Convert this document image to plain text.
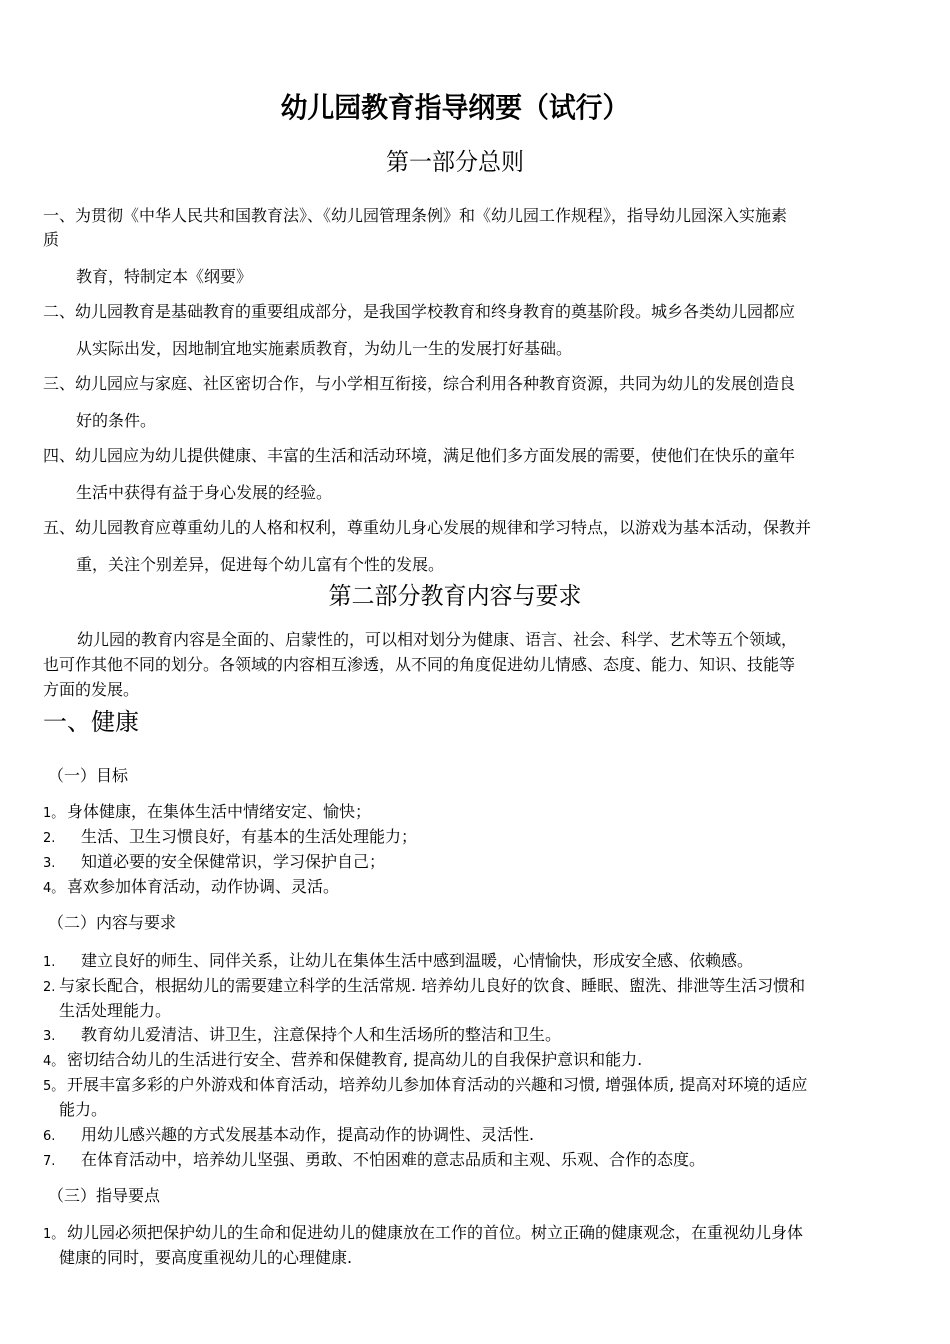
幼儿园教育指导纲要（试行）
第一部分总则
一、为贯彻《中华人民共和国教育法》、《幼儿园管理条例》和《幼儿园工作规程》，指导幼儿园深入实施素
质
教育，特制定本《纲要》
二、幼儿园教育是基础教育的重要组成部分，是我国学校教育和终身教育的奠基阶段。城乡各类幼儿园都应
从实际出发，因地制宜地实施素质教育，为幼儿一生的发展打好基础。
三、幼儿园应与家庭、社区密切合作，与小学相互衔接，综合利用各种教育资源，共同为幼儿的发展创造良
好的条件。
四、幼儿园应为幼儿提供健康、丰富的生活和活动环境，满足他们多方面发展的需要，使他们在快乐的童年
生活中获得有益于身心发展的经验。
五、幼儿园教育应尊重幼儿的人格和权利，尊重幼儿身心发展的规律和学习特点，以游戏为基本活动，保教并
重，关注个别差异，促进每个幼儿富有个性的发展。
第二部分教育内容与要求
幼儿园的教育内容是全面的、启蒙性的，可以相对划分为健康、语言、社会、科学、艺术等五个领域，
也可作其他不同的划分。各领域的内容相互渗透，从不同的角度促进幼儿情感、态度、能力、知识、技能等
方面的发展。
一、健康
（一）目标
1。 身体健康，在集体生活中情绪安定、愉快；
2. 生活、卫生习惯良好，有基本的生活处理能力；
3. 知道必要的安全保健常识，学习保护自己；
4。 喜欢参加体育活动，动作协调、灵活。
（二）内容与要求
1. 建立良好的师生、同伴关系，让幼儿在集体生活中感到温暖，心情愉快，形成安全感、依赖感。
2. 与家长配合，根据幼儿的需要建立科学的生活常规. 培养幼儿良好的饮食、睡眠、盥洗、排泄等生活习惯和
生活处理能力。
3. 教育幼儿爱清洁、讲卫生，注意保持个人和生活场所的整洁和卫生。
4。 密切结合幼儿的生活进行安全、营养和保健教育, 提高幼儿的自我保护意识和能力.
5。 开展丰富多彩的户外游戏和体育活动，培养幼儿参加体育活动的兴趣和习惯, 增强体质, 提高对环境的适应
能力。
6. 用幼儿感兴趣的方式发展基本动作，提高动作的协调性、灵活性.
7. 在体育活动中，培养幼儿坚强、勇敢、不怕困难的意志品质和主观、乐观、合作的态度。
（三）指导要点
1。 幼儿园必须把保护幼儿的生命和促进幼儿的健康放在工作的首位。树立正确的健康观念，在重视幼儿身体
健康的同时，要高度重视幼儿的心理健康.
